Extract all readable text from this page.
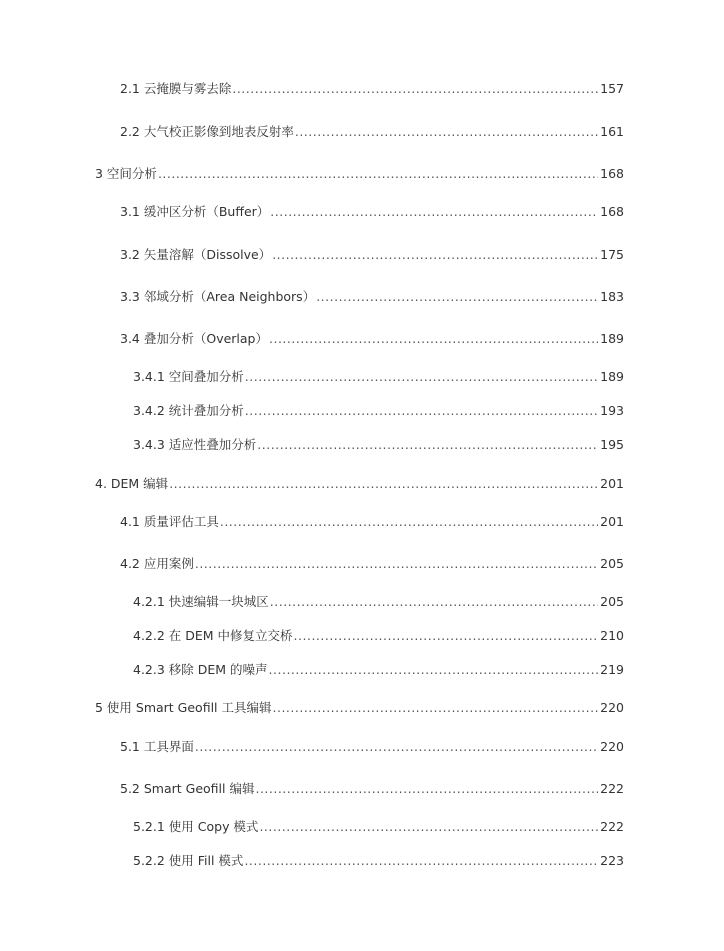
2.1 云掩膜与雾去除 .....	157
2.2 大气校正影像到地表反射率 .....	161
3 空间分析 .....	168
3.1 缓冲区分析（Buffer） .....	168
3.2 矢量溶解（Dissolve） .....	175
3.3 邻域分析（Area Neighbors） .....	183
3.4 叠加分析（Overlap） .....	189
3.4.1 空间叠加分析 .....	189
3.4.2 统计叠加分析 .....	193
3.4.3 适应性叠加分析 .....	195
4. DEM 编辑 .....	201
4.1 质量评估工具 .....	201
4.2 应用案例 .....	205
4.2.1 快速编辑一块城区 .....	205
4.2.2 在 DEM 中修复立交桥 .....	210
4.2.3 移除 DEM 的噪声 .....	219
5 使用 Smart Geofill 工具编辑 .....	220
5.1 工具界面 .....	220
5.2 Smart Geofill 编辑 .....	222
5.2.1 使用 Copy 模式 .....	222
5.2.2 使用 Fill 模式 .....	223
